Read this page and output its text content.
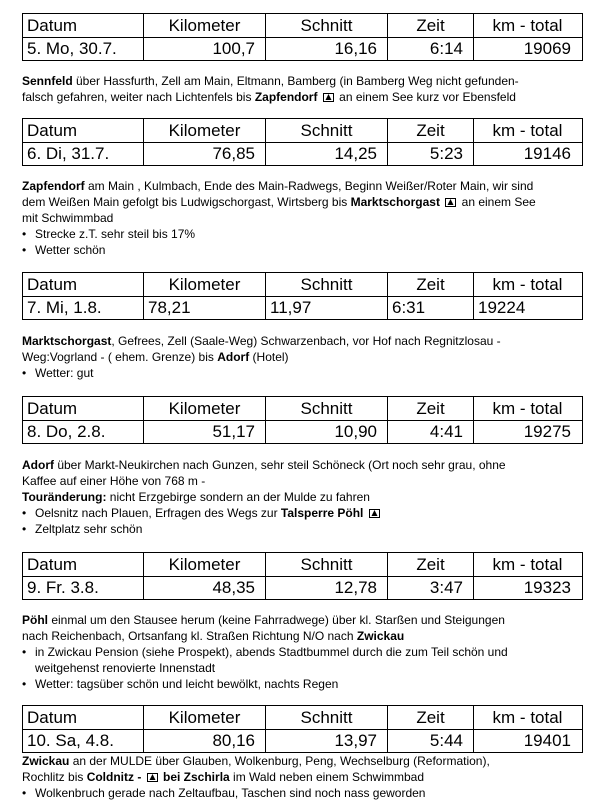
Datum	Kilometer	Schnitt	Zeit	km - total
5. Mo, 30.7.	100,7	16,16	6:14	19069

Sennfeld über Hassfurth, Zell am Main, Eltmann, Bamberg (in Bamberg Weg nicht gefunden-

falsch gefahren, weiter nach Lichtenfels bis Zapfendorf  an einem See kurz vor Ebensfeld

Datum	Kilometer	Schnitt	Zeit	km - total
6. Di, 31.7.	76,85	14,25	5:23	19146

Zapfendorf am Main , Kulmbach, Ende des Main-Radwegs, Beginn Weißer/Roter Main, wir sind

dem Weißen Main gefolgt bis Ludwigschorgast, Wirtsberg bis Marktschorgast  an einem See

mit Schwimmbad

• Strecke z.T. sehr steil bis 17%
• Wetter schön
Datum	Kilometer	Schnitt	Zeit	km - total
7. Mi, 1.8.	78,21	11,97	6:31	19224

Marktschorgast, Gefrees, Zell (Saale-Weg) Schwarzenbach, vor Hof nach Regnitzlosau -

Weg:Vogrland - ( ehem. Grenze) bis Adorf (Hotel)

• Wetter: gut
Datum	Kilometer	Schnitt	Zeit	km - total
8. Do, 2.8.	51,17	10,90	4:41	19275

Adorf über Markt-Neukirchen nach Gunzen, sehr steil Schöneck (Ort noch sehr grau, ohne

Kaffee auf einer Höhe von 768 m -

Touränderung: nicht Erzgebirge sondern an der Mulde zu fahren

• Oelsnitz nach Plauen, Erfragen des Wegs zur Talsperre Pöhl
• Zeltplatz sehr schön
Datum	Kilometer	Schnitt	Zeit	km - total
9. Fr. 3.8.	48,35	12,78	3:47	19323

Pöhl einmal um den Stausee herum (keine Fahrradwege) über kl. Starßen und Steigungen

nach Reichenbach, Ortsanfang kl. Straßen Richtung N/O nach Zwickau

• in Zwickau Pension (siehe Prospekt), abends Stadtbummel durch die zum Teil schön und
weitgehenst renovierte Innenstadt
• Wetter: tagsüber schön und leicht bewölkt, nachts Regen
Datum	Kilometer	Schnitt	Zeit	km - total
10. Sa, 4.8.	80,16	13,97	5:44	19401

Zwickau an der MULDE über Glauben, Wolkenburg, Peng, Wechselburg (Reformation),

Rochlitz bis Coldnitz -  bei Zschirla im Wald neben einem Schwimmbad

• Wolkenbruch gerade nach Zeltaufbau, Taschen sind noch nass geworden
